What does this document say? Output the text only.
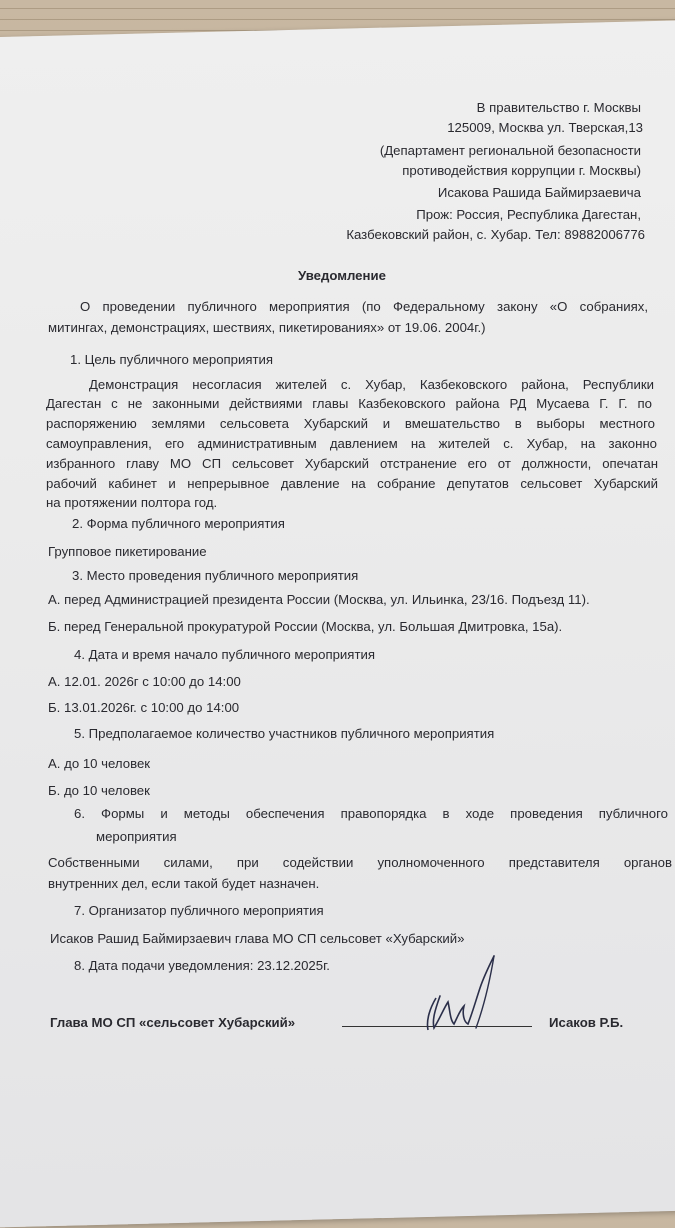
В правительство г. Москвы
125009, Москва ул. Тверская,13
(Департамент региональной безопасности
противодействия коррупции г. Москвы)
Исакова Рашида Баймирзаевича
Прож: Россия, Республика Дагестан,
Казбековский район, с. Хубар. Тел: 89882006776
Уведомление
О проведении публичного мероприятия (по Федеральному закону «О собраниях,
митингах, демонстрациях, шествиях, пикетированиях» от 19.06. 2004г.)
1. Цель публичного мероприятия
Демонстрация несогласия жителей с. Хубар, Казбековского района, Республики
Дагестан с не законными действиями главы Казбековского района РД Мусаева Г. Г. по
распоряжению землями сельсовета Хубарский и вмешательство в выборы местного
самоуправления, его административным давлением на жителей с. Хубар, на законно
избранного главу МО СП сельсовет Хубарский отстранение его от должности, опечатан
рабочий кабинет и непрерывное давление на собрание депутатов сельсовет Хубарский
на протяжении полтора год.
2. Форма публичного мероприятия
Групповое пикетирование
3. Место проведения публичного мероприятия
А. перед Администрацией президента России (Москва, ул. Ильинка, 23/16. Подъезд 11).
Б. перед Генеральной прокуратурой России (Москва, ул. Большая Дмитровка, 15а).
4. Дата и время начало публичного мероприятия
А. 12.01. 2026г с 10:00 до 14:00
Б. 13.01.2026г. с 10:00 до 14:00
5. Предполагаемое количество участников публичного мероприятия
А. до 10 человек
Б. до 10 человек
6. Формы и методы обеспечения правопорядка в ходе проведения публичного
мероприятия
Собственными силами, при содействии уполномоченного представителя органов
внутренних дел, если такой будет назначен.
7. Организатор публичного мероприятия
Исаков Рашид Баймирзаевич глава МО СП сельсовет «Хубарский»
8. Дата подачи уведомления: 23.12.2025г.
Глава МО СП «сельсовет Хубарский»	Исаков Р.Б.
